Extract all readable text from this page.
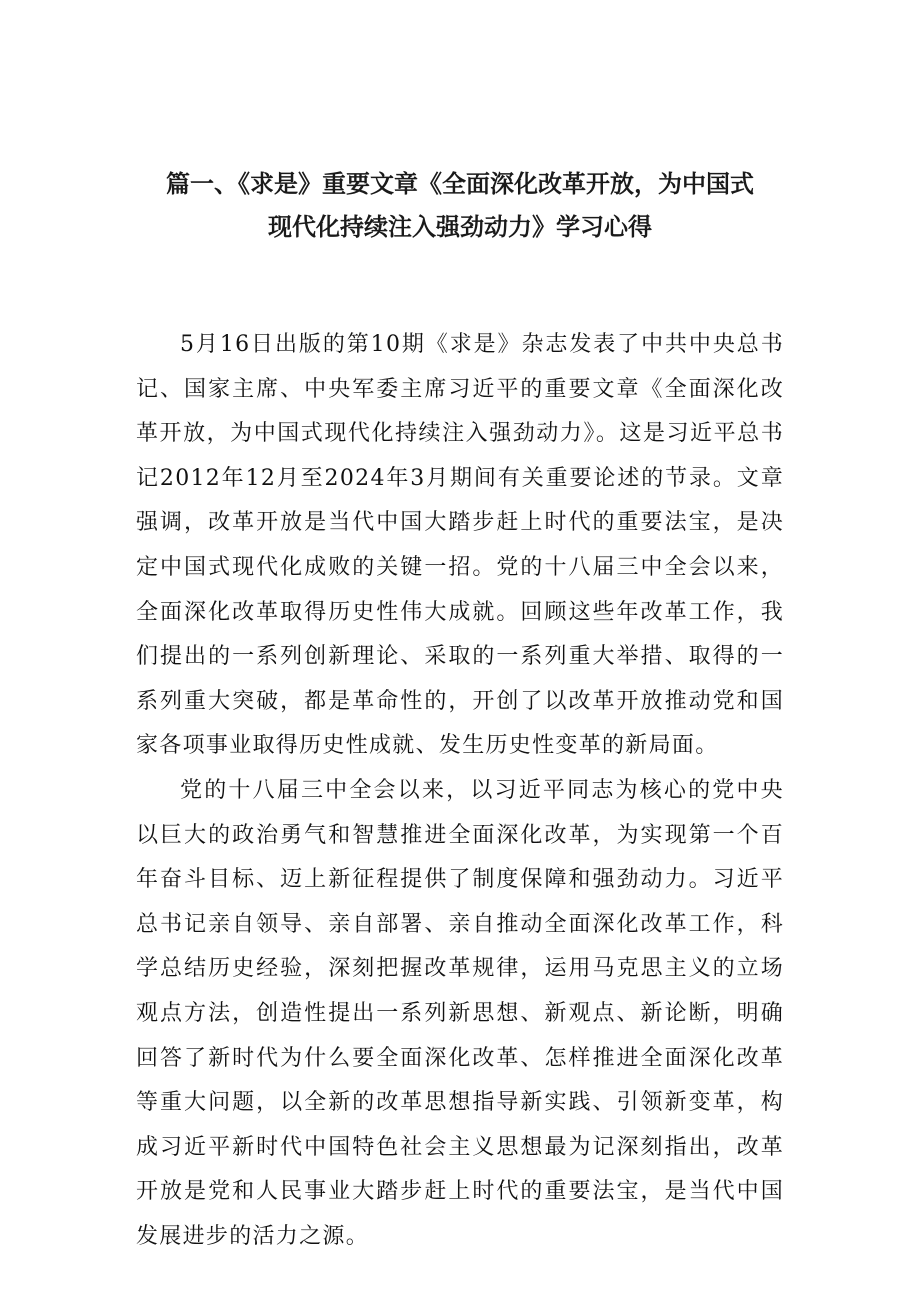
篇一、《求是》重要文章《全面深化改革开放，为中国式
现代化持续注入强劲动力》学习心得

5月16日出版的第10期《求是》杂志发表了中共中央总书记、国家主席、中央军委主席习近平的重要文章《全面深化改革开放，为中国式现代化持续注入强劲动力》。这是习近平总书记2012年12月至2024年3月期间有关重要论述的节录。文章强调，改革开放是当代中国大踏步赶上时代的重要法宝，是决定中国式现代化成败的关键一招。党的十八届三中全会以来，全面深化改革取得历史性伟大成就。回顾这些年改革工作，我们提出的一系列创新理论、采取的一系列重大举措、取得的一系列重大突破，都是革命性的，开创了以改革开放推动党和国家各项事业取得历史性成就、发生历史性变革的新局面。

党的十八届三中全会以来，以习近平同志为核心的党中央以巨大的政治勇气和智慧推进全面深化改革，为实现第一个百年奋斗目标、迈上新征程提供了制度保障和强劲动力。习近平总书记亲自领导、亲自部署、亲自推动全面深化改革工作，科学总结历史经验，深刻把握改革规律，运用马克思主义的立场观点方法，创造性提出一系列新思想、新观点、新论断，明确回答了新时代为什么要全面深化改革、怎样推进全面深化改革等重大问题，以全新的改革思想指导新实践、引领新变革，构成习近平新时代中国特色社会主义思想最为记深刻指出，改革开放是党和人民事业大踏步赶上时代的重要法宝，是当代中国发展进步的活力之源。
